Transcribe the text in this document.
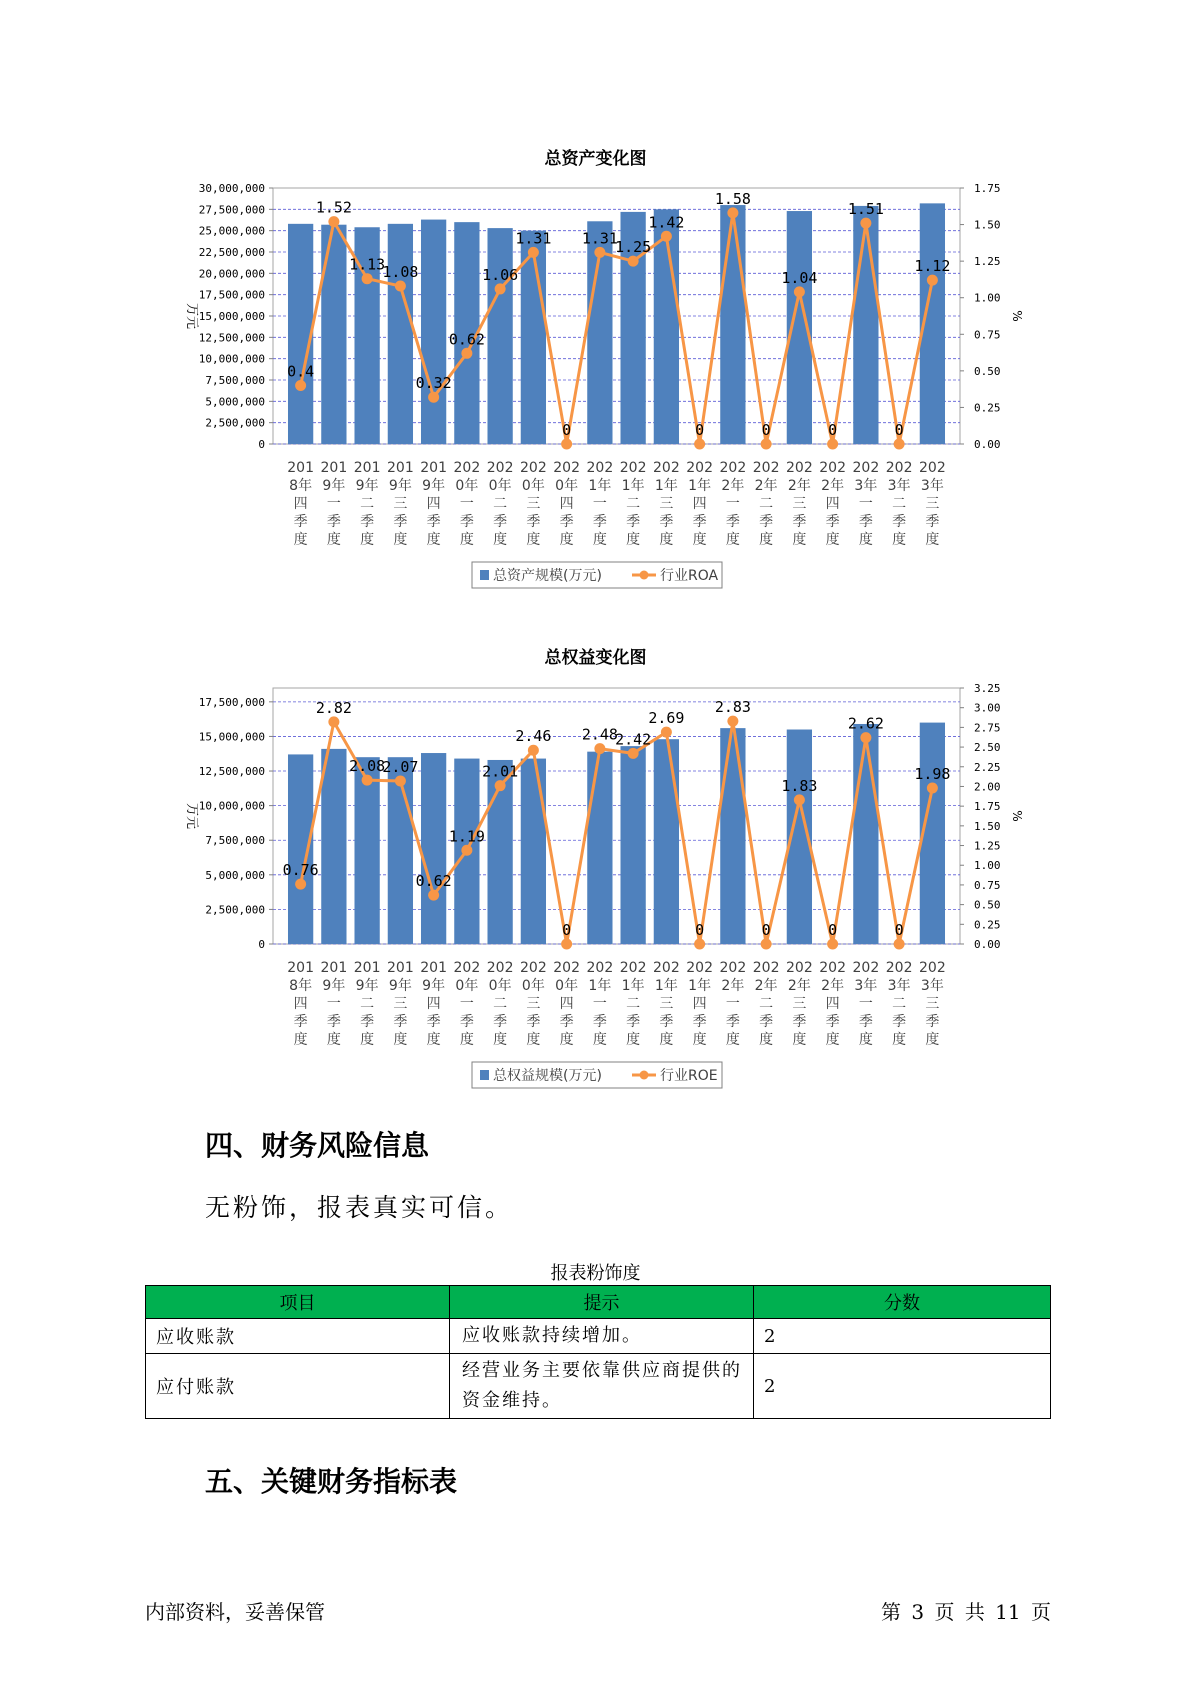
总资产变化图
0
2,500,000
5,000,000
7,500,000
10,000,000
12,500,000
15,000,000
17,500,000
20,000,000
22,500,000
25,000,000
27,500,000
30,000,000
0.00
0.25
0.50
0.75
1.00
1.25
1.50
1.75
万元	%
201
8年
四
季
度
201
9年
一
季
度
201
9年
二
季
度
201
9年
三
季
度
201
9年
四
季
度
202
0年
一
季
度
202
0年
二
季
度
202
0年
三
季
度
202
0年
四
季
度
202
1年
一
季
度
202
1年
二
季
度
202
1年
三
季
度
202
1年
四
季
度
202
2年
一
季
度
202
2年
二
季
度
202
2年
三
季
度
202
2年
四
季
度
202
3年
一
季
度
202
3年
二
季
度
202
3年
三
季
度
0.4
1.52
1.13
1.08
0.32
0.62
1.06
1.31
0
1.31
1.25
1.42
0
1.58
0
1.04
0
1.51
0
1.12
总资产规模(万元)	行业ROA
总权益变化图
0
2,500,000
5,000,000
7,500,000
10,000,000
12,500,000
15,000,000
17,500,000
0.00
0.25
0.50
0.75
1.00
1.25
1.50
1.75
2.00
2.25
2.50
2.75
3.00
3.25
万元	%
201
8年
四
季
度
201
9年
一
季
度
201
9年
二
季
度
201
9年
三
季
度
201
9年
四
季
度
202
0年
一
季
度
202
0年
二
季
度
202
0年
三
季
度
202
0年
四
季
度
202
1年
一
季
度
202
1年
二
季
度
202
1年
三
季
度
202
1年
四
季
度
202
2年
一
季
度
202
2年
二
季
度
202
2年
三
季
度
202
2年
四
季
度
202
3年
一
季
度
202
3年
二
季
度
202
3年
三
季
度
0.76
2.82
2.08
2.07
0.62
1.19
2.01
2.46
0
2.48
2.42
2.69
0
2.83
0
1.83
0
2.62
0
1.98
总权益规模(万元)	行业ROE
四、财务风险信息

无粉饰，报表真实可信。

报表粉饰度
项目	提示	分数
应收账款	应收账款持续增加。	2
应付账款	经营业务主要依靠供应商提供的资金维持。	2
五、关键财务指标表
内部资料，妥善保管	第 3 页 共 11 页
